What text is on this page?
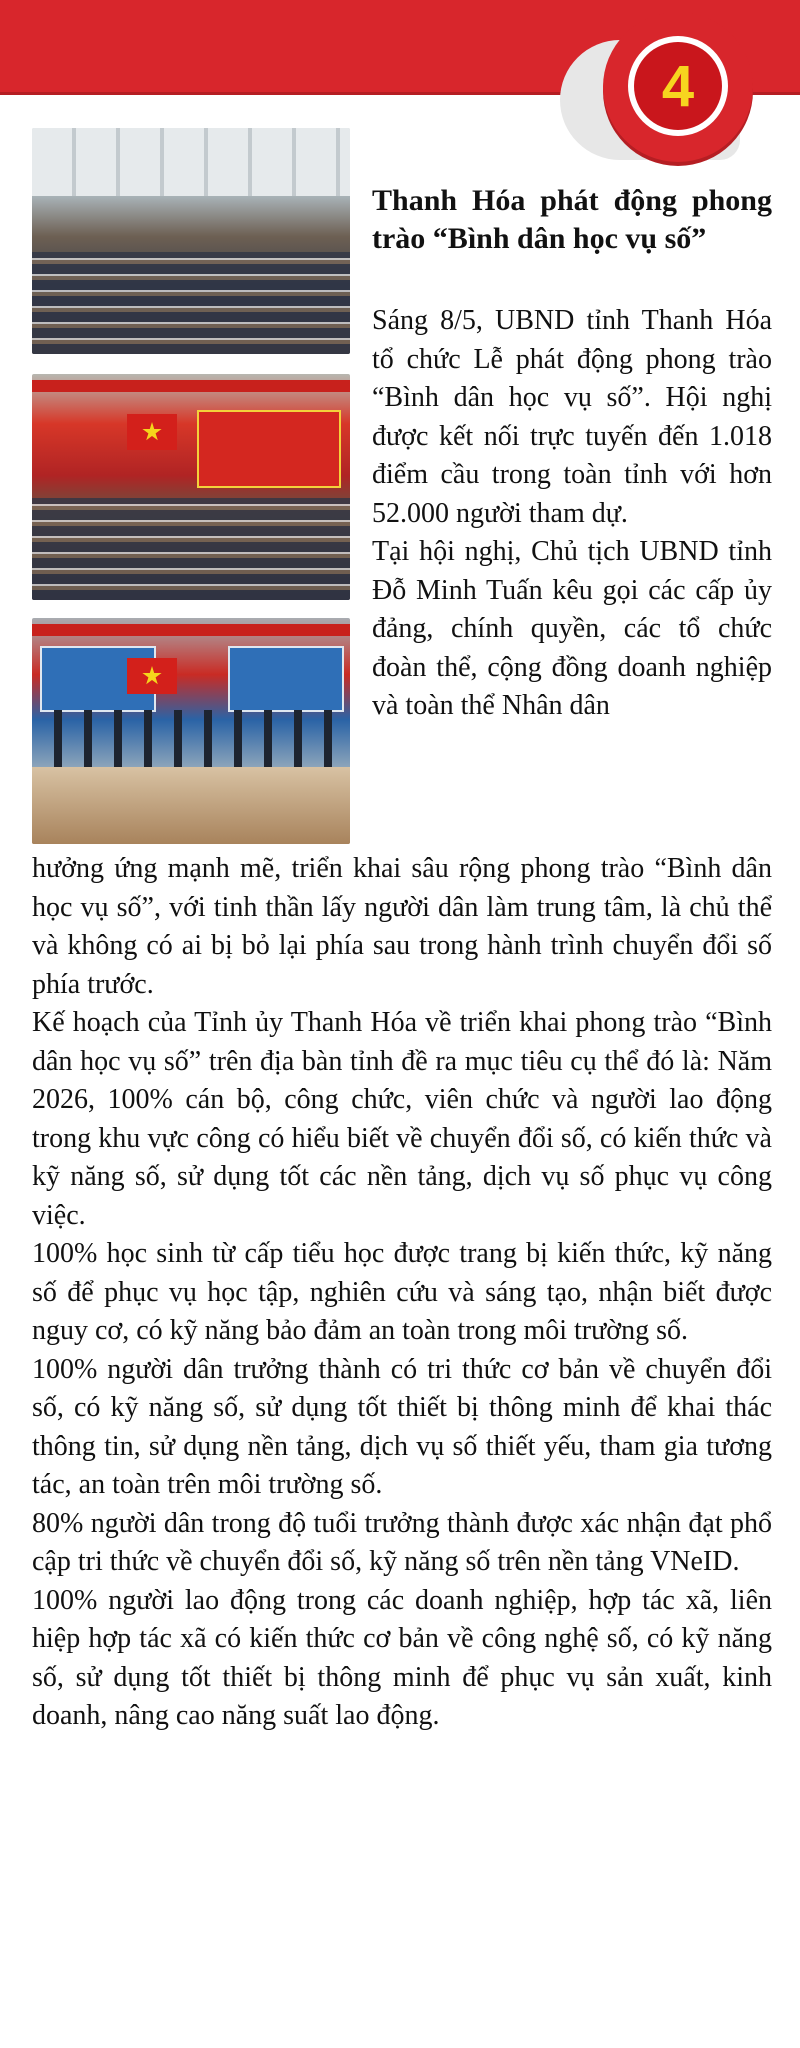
4
Thanh Hóa phát động phong trào “Bình dân học vụ số”

Sáng 8/5, UBND tỉnh Thanh Hóa tổ chức Lễ phát động phong trào “Bình dân học vụ số”. Hội nghị được kết nối trực tuyến đến 1.018 điểm cầu trong toàn tỉnh với hơn 52.000 người tham dự.

Tại hội nghị, Chủ tịch UBND tỉnh Đỗ Minh Tuấn kêu gọi các cấp ủy đảng, chính quyền, các tổ chức đoàn thể, cộng đồng doanh nghiệp và toàn thể Nhân dân

hưởng ứng mạnh mẽ, triển khai sâu rộng phong trào “Bình dân học vụ số”, với tinh thần lấy người dân làm trung tâm, là chủ thể và không có ai bị bỏ lại phía sau trong hành trình chuyển đổi số phía trước.

Kế hoạch của Tỉnh ủy Thanh Hóa về triển khai phong trào “Bình dân học vụ số” trên địa bàn tỉnh đề ra mục tiêu cụ thể đó là: Năm 2026, 100% cán bộ, công chức, viên chức và người lao động trong khu vực công có hiểu biết về chuyển đổi số, có kiến thức và kỹ năng số, sử dụng tốt các nền tảng, dịch vụ số phục vụ công việc.

100% học sinh từ cấp tiểu học được trang bị kiến thức, kỹ năng số để phục vụ học tập, nghiên cứu và sáng tạo, nhận biết được nguy cơ, có kỹ năng bảo đảm an toàn trong môi trường số.

100% người dân trưởng thành có tri thức cơ bản về chuyển đổi số, có kỹ năng số, sử dụng tốt thiết bị thông minh để khai thác thông tin, sử dụng nền tảng, dịch vụ số thiết yếu, tham gia tương tác, an toàn trên môi trường số.

80% người dân trong độ tuổi trưởng thành được xác nhận đạt phổ cập tri thức về chuyển đổi số, kỹ năng số trên nền tảng VNeID.

100% người lao động trong các doanh nghiệp, hợp tác xã, liên hiệp hợp tác xã có kiến thức cơ bản về công nghệ số, có kỹ năng số, sử dụng tốt thiết bị thông minh để phục vụ sản xuất, kinh doanh, nâng cao năng suất lao động.
